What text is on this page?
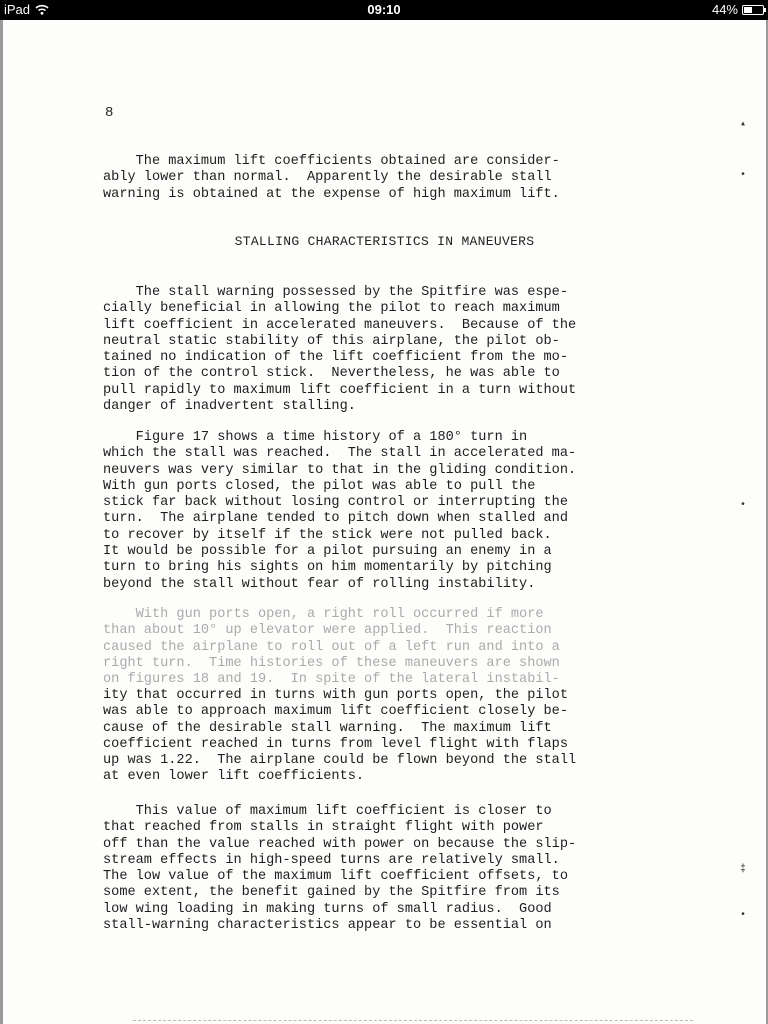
iPad	09:10	44%
8
The maximum lift coefficients obtained are consider-
ably lower than normal.  Apparently the desirable stall
warning is obtained at the expense of high maximum lift.
STALLING CHARACTERISTICS IN MANEUVERS
The stall warning possessed by the Spitfire was espe-
cially beneficial in allowing the pilot to reach maximum
lift coefficient in accelerated maneuvers.  Because of the
neutral static stability of this airplane, the pilot ob-
tained no indication of the lift coefficient from the mo-
tion of the control stick.  Nevertheless, he was able to
pull rapidly to maximum lift coefficient in a turn without
danger of inadvertent stalling.
Figure 17 shows a time history of a 180° turn in
which the stall was reached.  The stall in accelerated ma-
neuvers was very similar to that in the gliding condition.
With gun ports closed, the pilot was able to pull the
stick far back without losing control or interrupting the
turn.  The airplane tended to pitch down when stalled and
to recover by itself if the stick were not pulled back.
It would be possible for a pilot pursuing an enemy in a
turn to bring his sights on him momentarily by pitching
beyond the stall without fear of rolling instability.
With gun ports open, a right roll occurred if more
than about 10° up elevator were applied.  This reaction
caused the airplane to roll out of a left run and into a
right turn.  Time histories of these maneuvers are shown
on figures 18 and 19.  In spite of the lateral instabil-
ity that occurred in turns with gun ports open, the pilot
was able to approach maximum lift coefficient closely be-
cause of the desirable stall warning.  The maximum lift
coefficient reached in turns from level flight with flaps
up was 1.22.  The airplane could be flown beyond the stall
at even lower lift coefficients.
This value of maximum lift coefficient is closer to
that reached from stalls in straight flight with power
off than the value reached with power on because the slip-
stream effects in high-speed turns are relatively small.
The low value of the maximum lift coefficient offsets, to
some extent, the benefit gained by the Spitfire from its
low wing loading in making turns of small radius.  Good
stall-warning characteristics appear to be essential on
▴
•
•
‡
•
